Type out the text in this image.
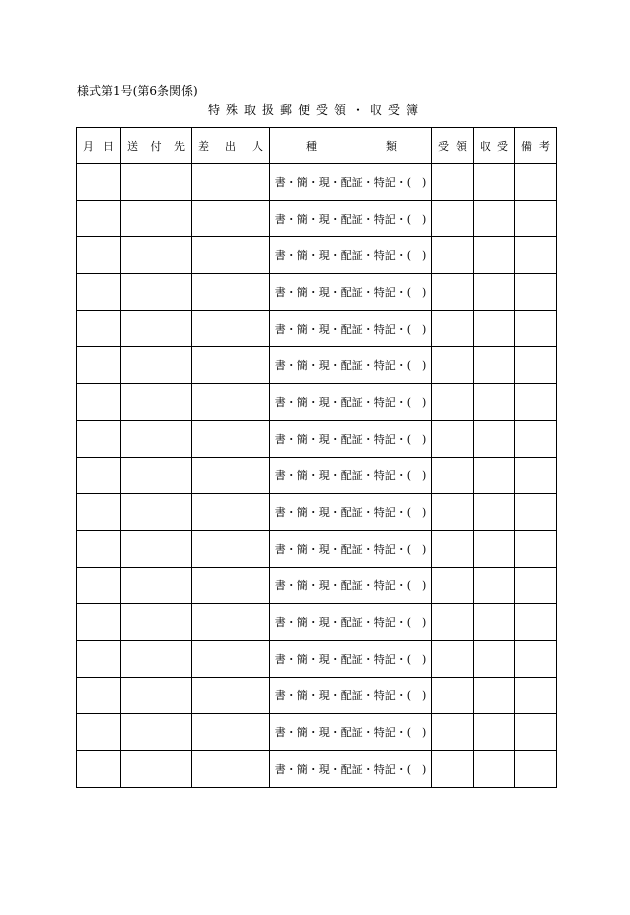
様式第1号(第6条関係)
特殊取扱郵便受領・収受簿
月 日	送 付 先	差 出 人	種 類	受 領	収 受	備 考

			書・簡・現・配証・特記・(　)			
			書・簡・現・配証・特記・(　)			
			書・簡・現・配証・特記・(　)			
			書・簡・現・配証・特記・(　)			
			書・簡・現・配証・特記・(　)			
			書・簡・現・配証・特記・(　)			
			書・簡・現・配証・特記・(　)			
			書・簡・現・配証・特記・(　)			
			書・簡・現・配証・特記・(　)			
			書・簡・現・配証・特記・(　)			
			書・簡・現・配証・特記・(　)			
			書・簡・現・配証・特記・(　)			
			書・簡・現・配証・特記・(　)			
			書・簡・現・配証・特記・(　)			
			書・簡・現・配証・特記・(　)			
			書・簡・現・配証・特記・(　)			
			書・簡・現・配証・特記・(　)			
